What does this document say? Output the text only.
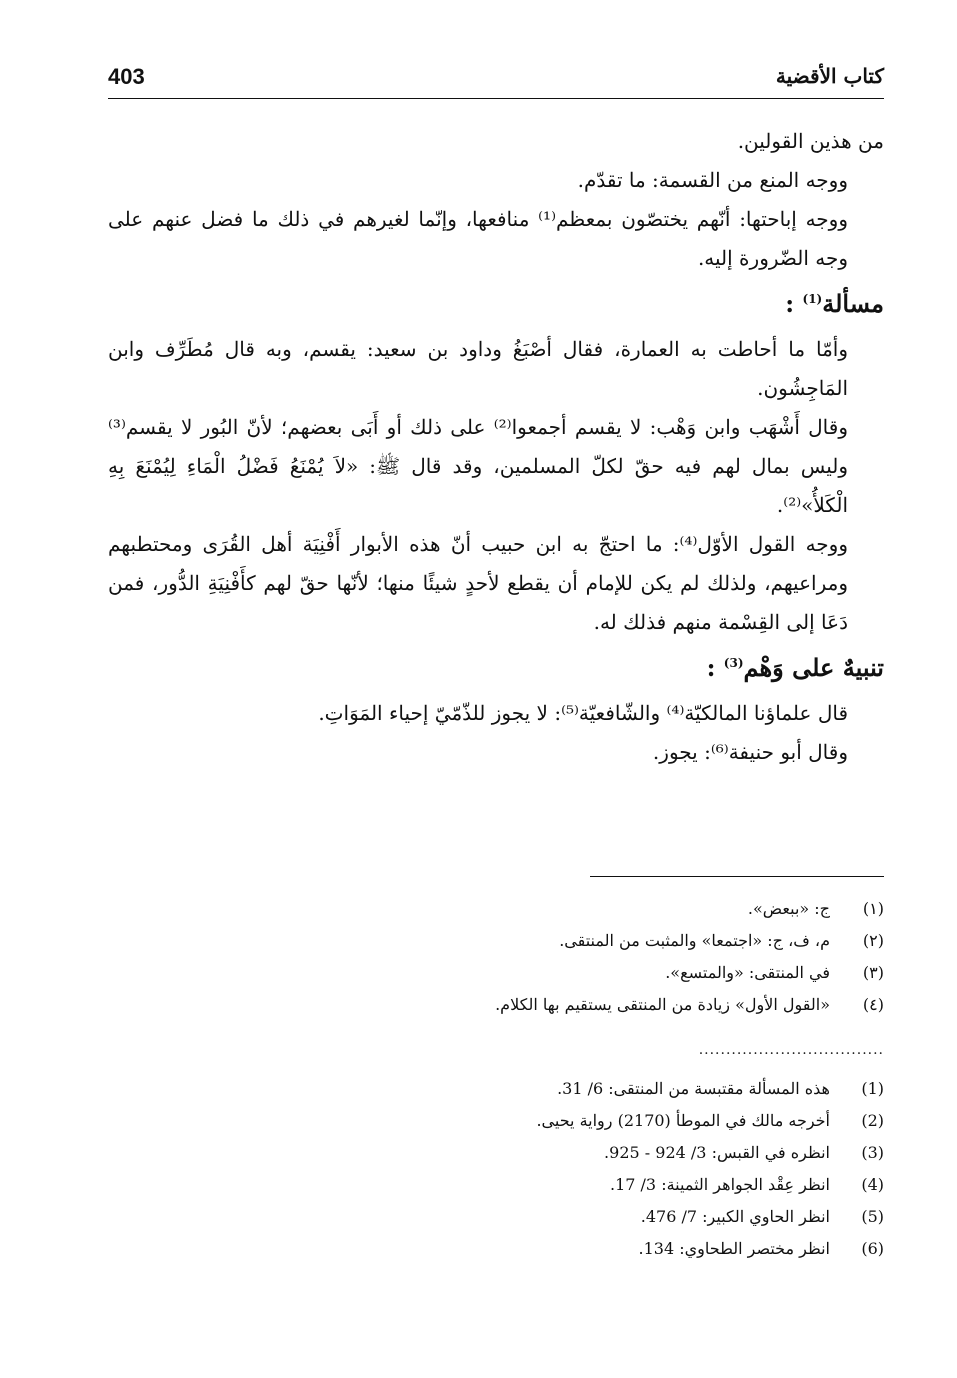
403	كتاب الأقضية

من هذين القولين.

ووجه المنع من القسمة: ما تقدّم.

ووجه إباحتها: أنّهم يختصّون بمعظم⁽¹⁾ منافعها، وإنّما لغيرهم في ذلك ما فضل عنهم على وجه الضّرورة إليه.

مسألة$^{(1)}$ :

وأمّا ما أحاطت به العمارة، فقال أصْبَغُ وداود بن سعيد: يقسم، وبه قال مُطَرِّف وابن المَاجِشُون.

وقال أَشْهَب وابن وَهْب: لا يقسم أجمعوا⁽²⁾ على ذلك أو أَبَى بعضهم؛ لأنّ البُور لا يقسم⁽³⁾ وليس بمال لهم فيه حقّ لكلّ المسلمين، وقد قال ﷺ: «لاَ يُمْنَعُ فَضْلُ الْمَاءِ لِيُمْنَعَ بِهِ الْكَلأُ»⁽²⁾.

ووجه القول الأوّل⁽⁴⁾: ما احتجّ به ابن حبيب أنّ هذه الأبوار أَفْنِيَة أهل القُرَى ومحتطبهم ومراعيهم، ولذلك لم يكن للإمام أن يقطع لأحدٍ شيئًا منها؛ لأنّها حقّ لهم كأَفْنِيَةِ الدُّور، فمن دَعَا إلى القِسْمة منهم فذلك له.

تنبيهٌ على وَهْم$^{(3)}$ :

قال علماؤنا المالكيّة⁽⁴⁾ والشّافعيّة⁽⁵⁾: لا يجوز للذّمّيّ إحياء المَوَاتِ.

وقال أبو حنيفة⁽⁶⁾: يجوز.

(١)ج: «ببعض».
(٢)م، ف، ج: «اجتمعا» والمثبت من المنتقى.
(٣)في المنتقى: «والمتسع».
(٤)«القول الأول» زيادة من المنتقى يستقيم بها الكلام.
..................................
(1)هذه المسألة مقتبسة من المنتقى: 6/ 31.
(2)أخرجه مالك في الموطأ (2170) رواية يحيى.
(3)انظره في القبس: 3/ 924 - 925.
(4)انظر عِقْد الجواهر الثمينة: 3/ 17.
(5)انظر الحاوي الكبير: 7/ 476.
(6)انظر مختصر الطحاوي: 134.
